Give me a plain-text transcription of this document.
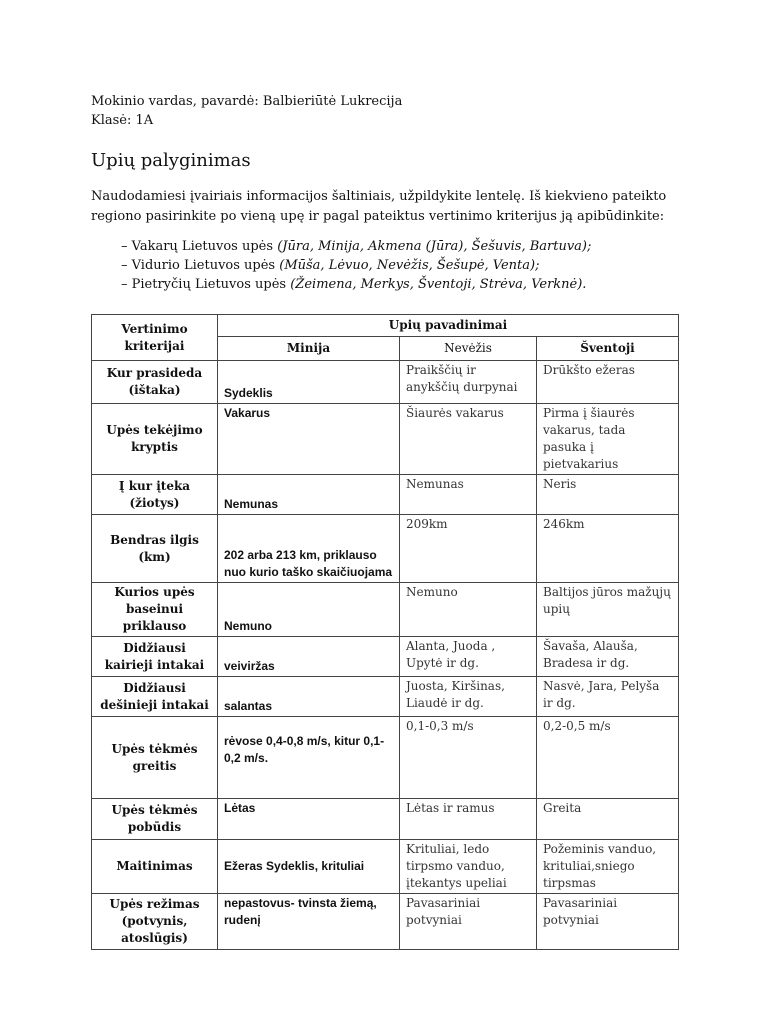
Mokinio vardas, pavardė: Balbieriūtė Lukrecija
Klasė: 1A
Upių palyginimas

Naudodamiesi įvairiais informacijos šaltiniais, užpildykite lentelę. Iš kiekvieno pateikto regiono pasirinkite po vieną upę ir pagal pateiktus vertinimo kriterijus ją apibūdinkite:

– Vakarų Lietuvos upės (Jūra, Minija, Akmena (Jūra), Šešuvis, Bartuva);
– Vidurio Lietuvos upės (Mūša, Lėvuo, Nevėžis, Šešupė, Venta);
– Pietryčių Lietuvos upės (Žeimena, Merkys, Šventoji, Strėva, Verknė).
Vertinimo kriterijai	Upių pavadinimai		
	Minija	Nevėžis	Šventoji
Kur prasideda (ištaka)	Sydeklis	Praikščių ir anykščių durpynai	Drūkšto ežeras
Upės tekėjimo kryptis	Vakarus	Šiaurės vakarus	Pirma į šiaurės vakarus, tada pasuka į pietvakarius
Į kur įteka (žiotys)	Nemunas	Nemunas	Neris
Bendras ilgis (km)	202 arba 213 km, priklauso nuo kurio taško skaičiuojama	209km	246km
Kurios upės baseinui priklauso	Nemuno	Nemuno	Baltijos jūros mažųjų upių
Didžiausi kairieji intakai	veiviržas	Alanta, Juoda , Upytė ir dg.	Šavaša, Alauša, Bradesa ir dg.
Didžiausi dešinieji intakai	salantas	Juosta, Kiršinas, Liaudė ir dg.	Nasvė, Jara, Pelyša ir dg.
Upės tėkmės greitis	rėvose 0,4-0,8 m/s, kitur 0,1-0,2 m/s.	0,1-0,3 m/s	0,2-0,5 m/s
Upės tėkmės pobūdis	Lėtas	Lėtas ir ramus	Greita
Maitinimas	Ežeras Sydeklis, krituliai	Krituliai, ledo tirpsmo vanduo, įtekantys upeliai	Požeminis vanduo, krituliai,sniego tirpsmas
Upės režimas (potvynis, atoslūgis)	nepastovus- tvinsta žiemą, rudenį	Pavasariniai potvyniai	Pavasariniai potvyniai
